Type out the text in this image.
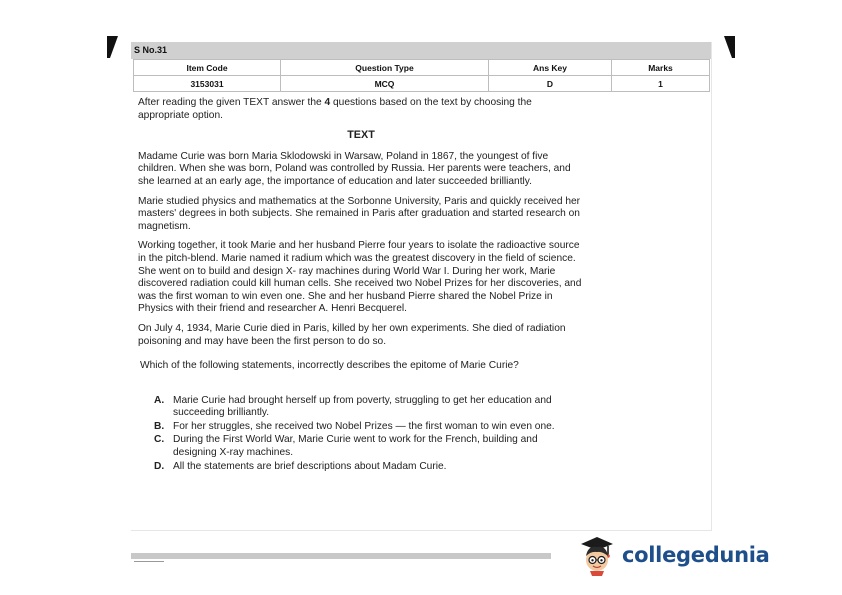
S No.31
Item Code	Question Type	Ans Key	Marks
3153031	MCQ	D	1

After reading the given TEXT answer the 4 questions based on the text by choosing the appropriate option.

TEXT

Madame Curie was born Maria Sklodowski in Warsaw, Poland in 1867, the youngest of five children. When she was born, Poland was controlled by Russia. Her parents were teachers, and she learned at an early age, the importance of education and later succeeded brilliantly.

Marie studied physics and mathematics at the Sorbonne University, Paris and quickly received her masters' degrees in both subjects. She remained in Paris after graduation and started research on magnetism.

Working together, it took Marie and her husband Pierre four years to isolate the radioactive source in the pitch-blend. Marie named it radium which was the greatest discovery in the field of science. She went on to build and design X- ray machines during World War I. During her work, Marie discovered radiation could kill human cells. She received two Nobel Prizes for her discoveries, and was the first woman to win even one. She and her husband Pierre shared the Nobel Prize in Physics with their friend and researcher A. Henri Becquerel.

On July 4, 1934, Marie Curie died in Paris, killed by her own experiments. She died of radiation poisoning and may have been the first person to do so.

Which of the following statements, incorrectly describes the epitome of Marie Curie?
A. Marie Curie had brought herself up from poverty, struggling to get her education and succeeding brilliantly.
B. For her struggles, she received two Nobel Prizes — the first woman to win even one.
C. During the First World War, Marie Curie went to work for the French, building and designing X-ray machines.
D. All the statements are brief descriptions about Madam Curie.
collegedunia
